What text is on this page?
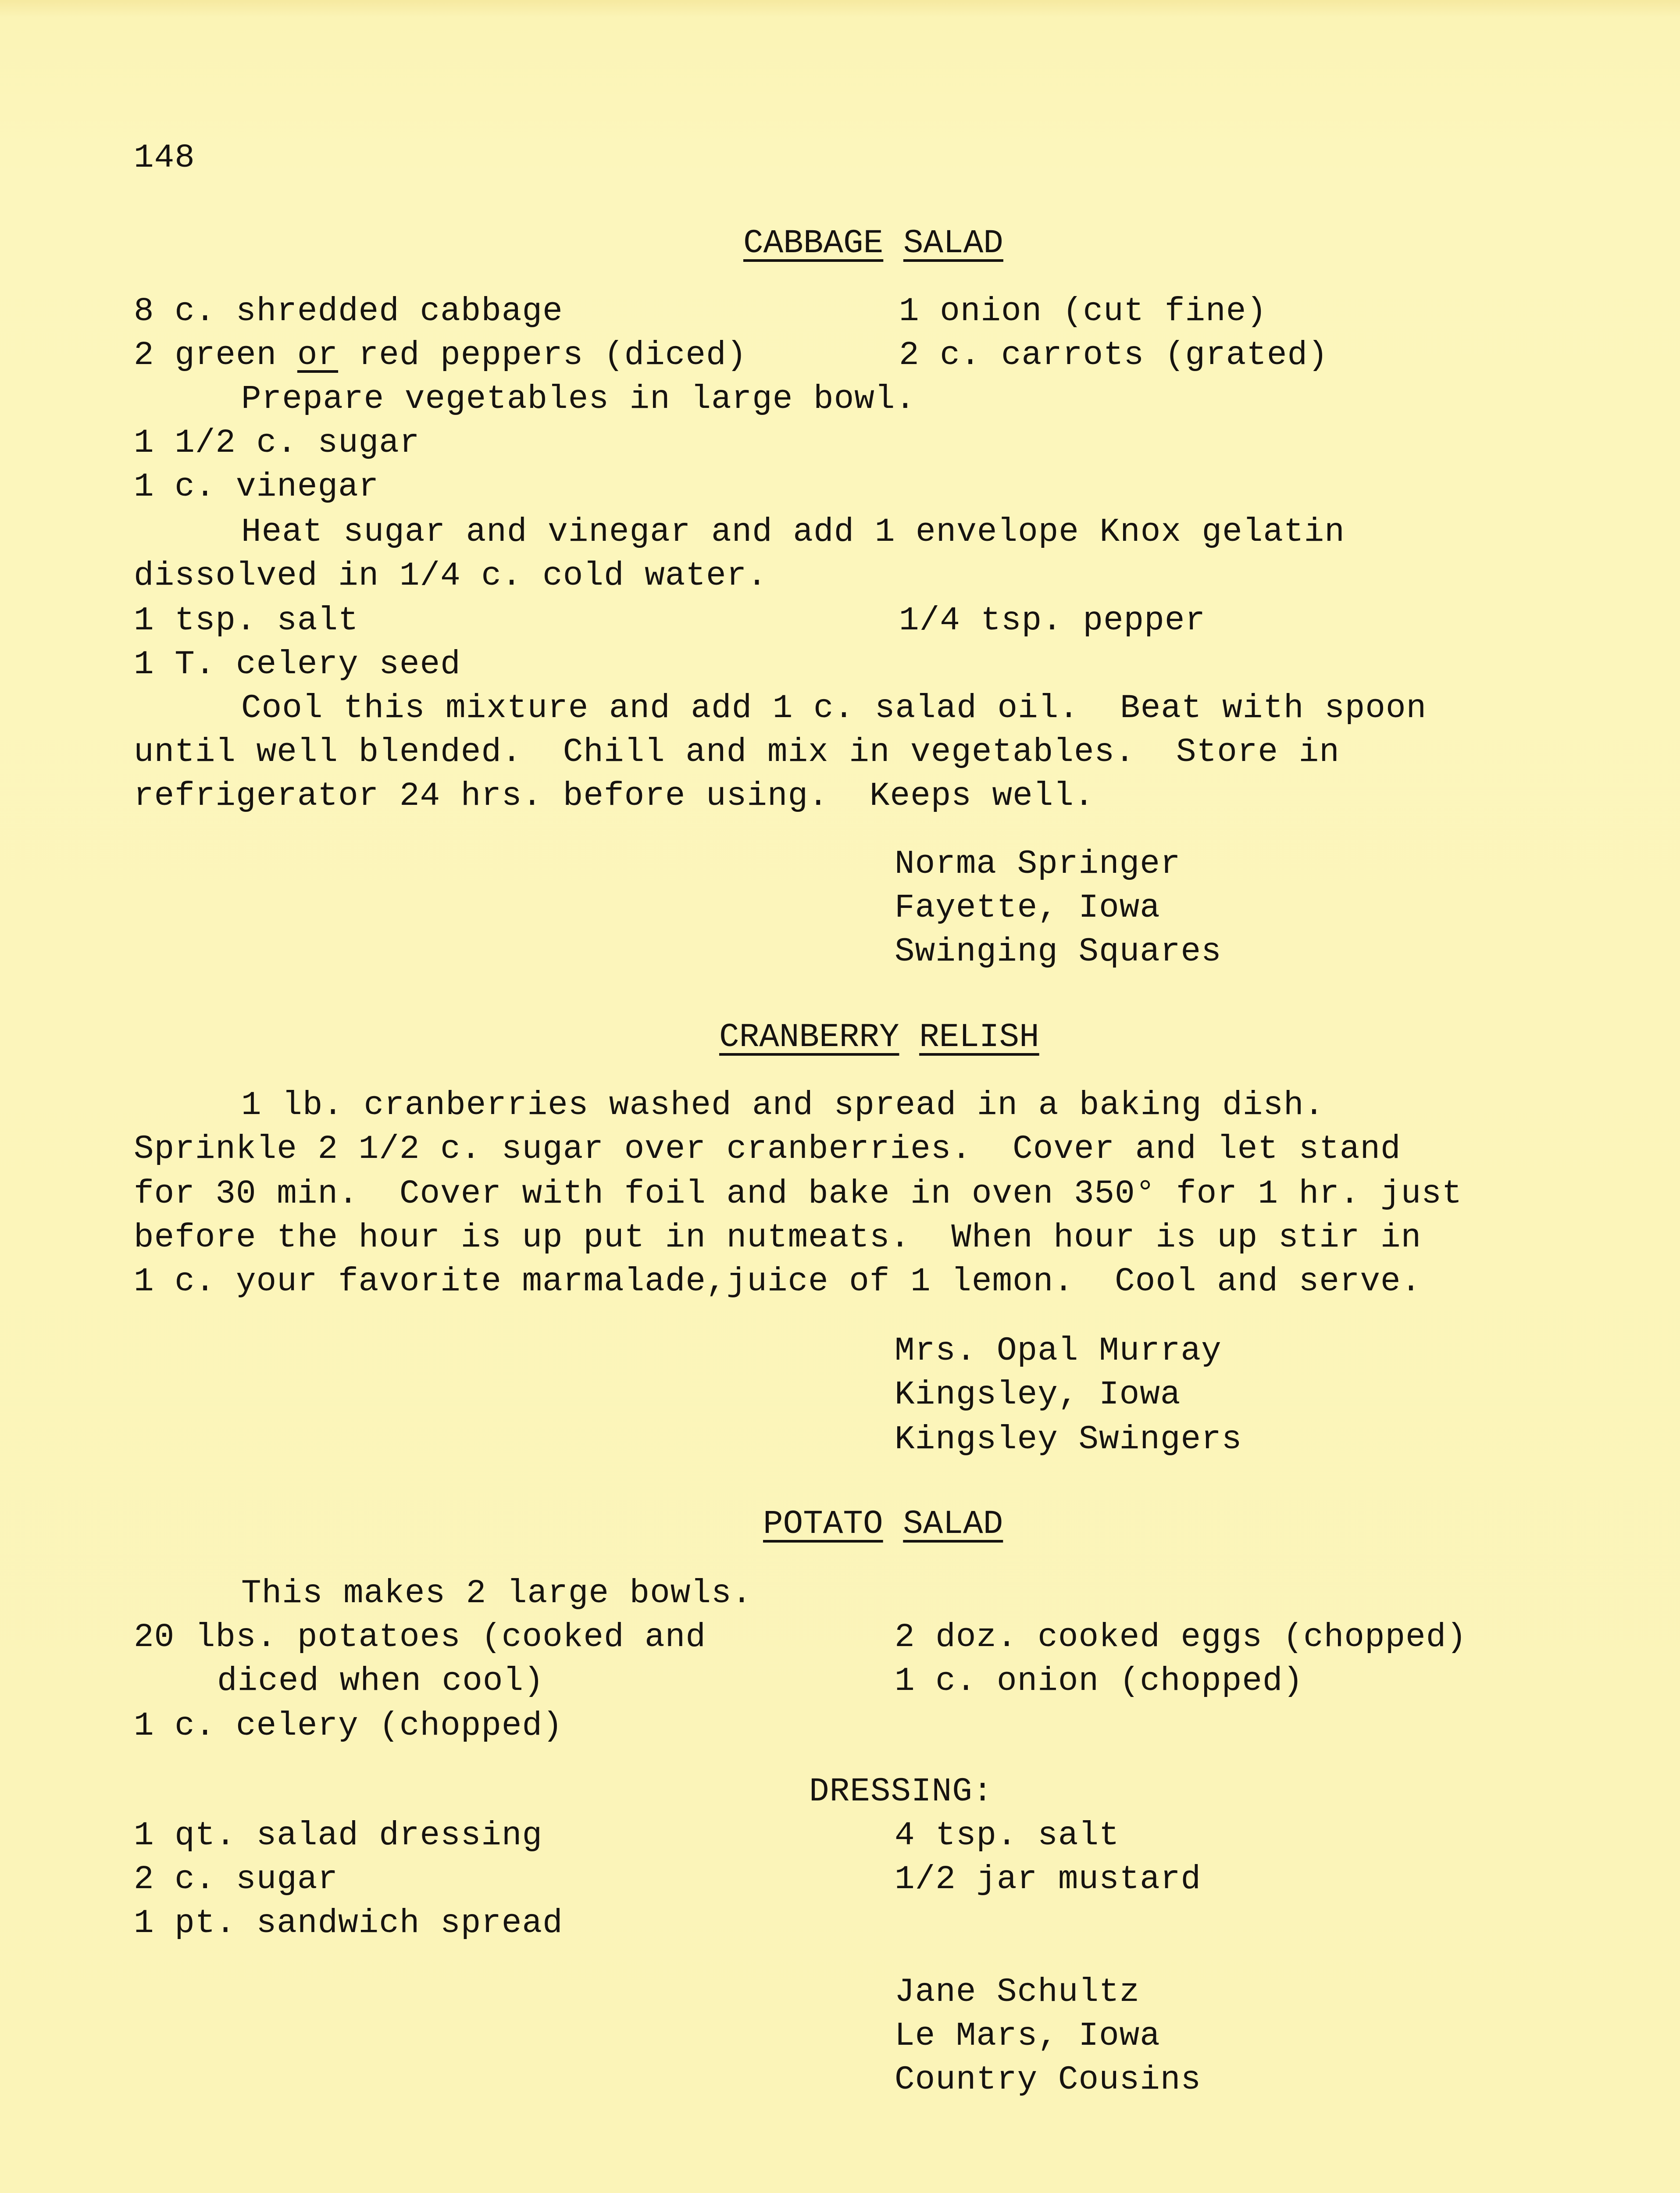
148
CABBAGE SALAD
8 c. shredded cabbage	1 onion (cut fine)
2 green or red peppers (diced)	2 c. carrots (grated)
Prepare vegetables in large bowl.
1 1/2 c. sugar
1 c. vinegar
Heat sugar and vinegar and add 1 envelope Knox gelatin
dissolved in 1/4 c. cold water.
1 tsp. salt	1/4 tsp. pepper
1 T. celery seed
Cool this mixture and add 1 c. salad oil.  Beat with spoon
until well blended.  Chill and mix in vegetables.  Store in
refrigerator 24 hrs. before using.  Keeps well.
Norma Springer
Fayette, Iowa
Swinging Squares
CRANBERRY RELISH
1 lb. cranberries washed and spread in a baking dish.
Sprinkle 2 1/2 c. sugar over cranberries.  Cover and let stand
for 30 min.  Cover with foil and bake in oven 350° for 1 hr. just
before the hour is up put in nutmeats.  When hour is up stir in
1 c. your favorite marmalade,juice of 1 lemon.  Cool and serve.
Mrs. Opal Murray
Kingsley, Iowa
Kingsley Swingers
POTATO SALAD
This makes 2 large bowls.
20 lbs. potatoes (cooked and	2 doz. cooked eggs (chopped)
diced when cool)	1 c. onion (chopped)
1 c. celery (chopped)
DRESSING:
1 qt. salad dressing	4 tsp. salt
2 c. sugar	1/2 jar mustard
1 pt. sandwich spread
Jane Schultz
Le Mars, Iowa
Country Cousins
